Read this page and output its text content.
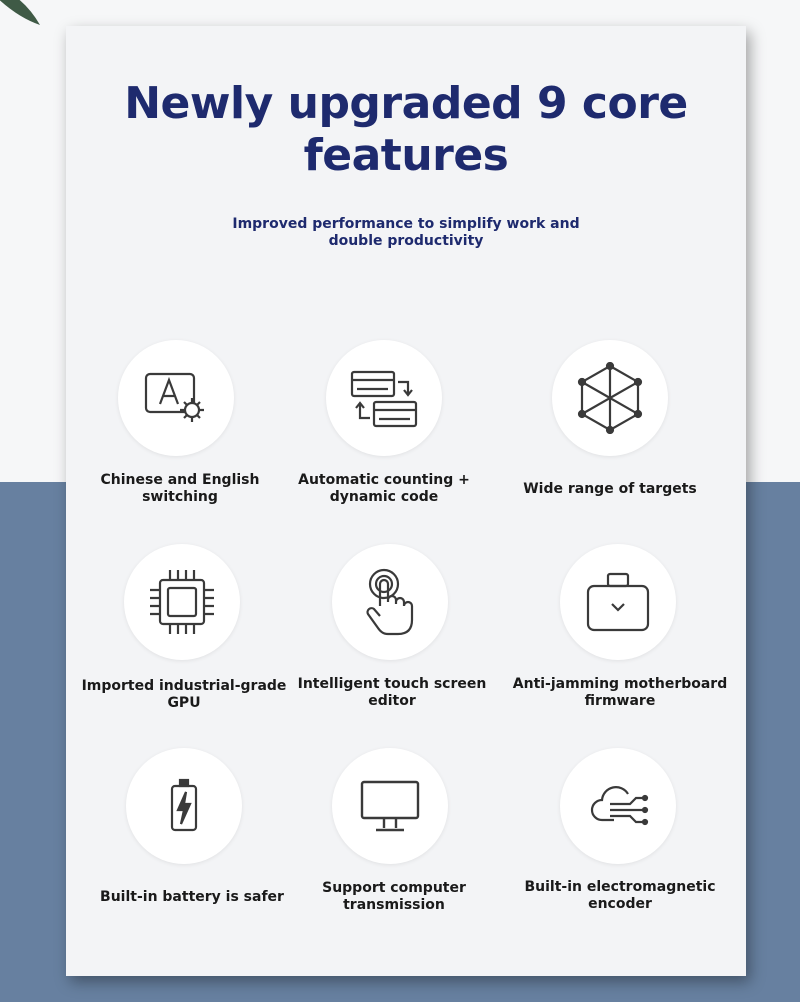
Newly upgraded 9 core features
Improved performance to simplify work and double productivity
Chinese and English switching
Automatic counting + dynamic code	Wide range of targets
Imported industrial-grade GPU
Intelligent touch screen editor
Anti-jamming motherboard firmware
Built-in battery is safer
Support computer transmission
Built-in electromagnetic encoder
